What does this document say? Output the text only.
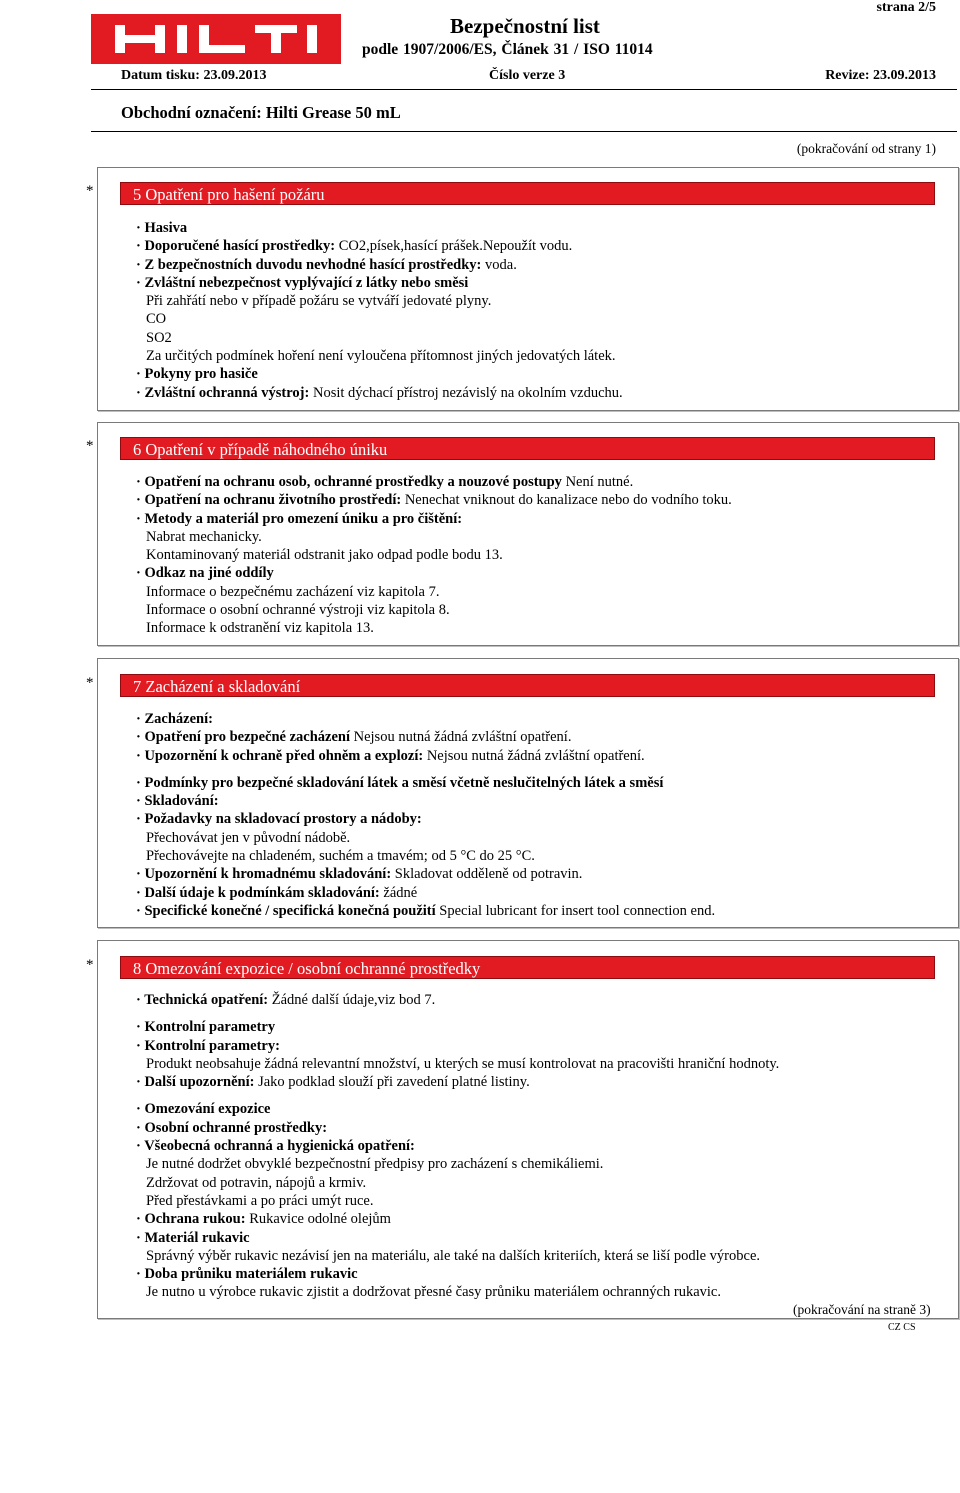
strana 2/5
Bezpečnostní list
podle 1907/2006/ES, Článek 31 / ISO 11014
Datum tisku: 23.09.2013	Číslo verze 3	Revize: 23.09.2013
Obchodní označení: Hilti Grease 50 mL
(pokračování od strany 1)
*	5 Opatření pro hašení požáru
· Hasiva
· Doporučené hasící prostředky: CO2,písek,hasící prášek.Nepoužít vodu.
· Z bezpečnostních duvodu nevhodné hasící prostředky: voda.
· Zvláštní nebezpečnost vyplývající z látky nebo směsi
Při zahřátí nebo v případě požáru se vytváří jedovaté plyny.
CO
SO2
Za určitých podmínek hoření není vyloučena přítomnost jiných jedovatých látek.
· Pokyny pro hasiče
· Zvláštní ochranná výstroj: Nosit dýchací přístroj nezávislý na okolním vzduchu.
*	6 Opatření v případě náhodného úniku
· Opatření na ochranu osob, ochranné prostředky a nouzové postupy Není nutné.
· Opatření na ochranu životního prostředí: Nenechat vniknout do kanalizace nebo do vodního toku.
· Metody a materiál pro omezení úniku a pro čištění:
Nabrat mechanicky.
Kontaminovaný materiál odstranit jako odpad podle bodu 13.
· Odkaz na jiné oddíly
Informace o bezpečnému zacházení viz kapitola 7.
Informace o osobní ochranné výstroji viz kapitola 8.
Informace k odstranění viz kapitola 13.
*	7 Zacházení a skladování
· Zacházení:
· Opatření pro bezpečné zacházení Nejsou nutná žádná zvláštní opatření.
· Upozornění k ochraně před ohněm a explozí: Nejsou nutná žádná zvláštní opatření.
· Podmínky pro bezpečné skladování látek a směsí včetně neslučitelných látek a směsí
· Skladování:
· Požadavky na skladovací prostory a nádoby:
Přechovávat jen v původní nádobě.
Přechovávejte na chladeném, suchém a tmavém; od 5 °C do 25 °C.
· Upozornění k hromadnému skladování: Skladovat odděleně od potravin.
· Další údaje k podmínkám skladování: žádné
· Specifické konečné / specifická konečná použití Special lubricant for insert tool connection end.
*	8 Omezování expozice / osobní ochranné prostředky
· Technická opatření: Žádné další údaje,viz bod 7.
· Kontrolní parametry
· Kontrolní parametry:
Produkt neobsahuje žádná relevantní množství, u kterých se musí kontrolovat na pracovišti hraniční hodnoty.
· Další upozornění: Jako podklad slouží při zavedení platné listiny.
· Omezování expozice
· Osobní ochranné prostředky:
· Všeobecná ochranná a hygienická opatření:
Je nutné dodržet obvyklé bezpečnostní předpisy pro zacházení s chemikáliemi.
Zdržovat od potravin, nápojů a krmiv.
Před přestávkami a po práci umýt ruce.
· Ochrana rukou: Rukavice odolné olejům
· Materiál rukavic
Správný výběr rukavic nezávisí jen na materiálu, ale také na dalších kriteriích, která se liší podle výrobce.
· Doba průniku materiálem rukavic
Je nutno u výrobce rukavic zjistit a dodržovat přesné časy průniku materiálem ochranných rukavic.
(pokračování na straně 3)
CZ CS
